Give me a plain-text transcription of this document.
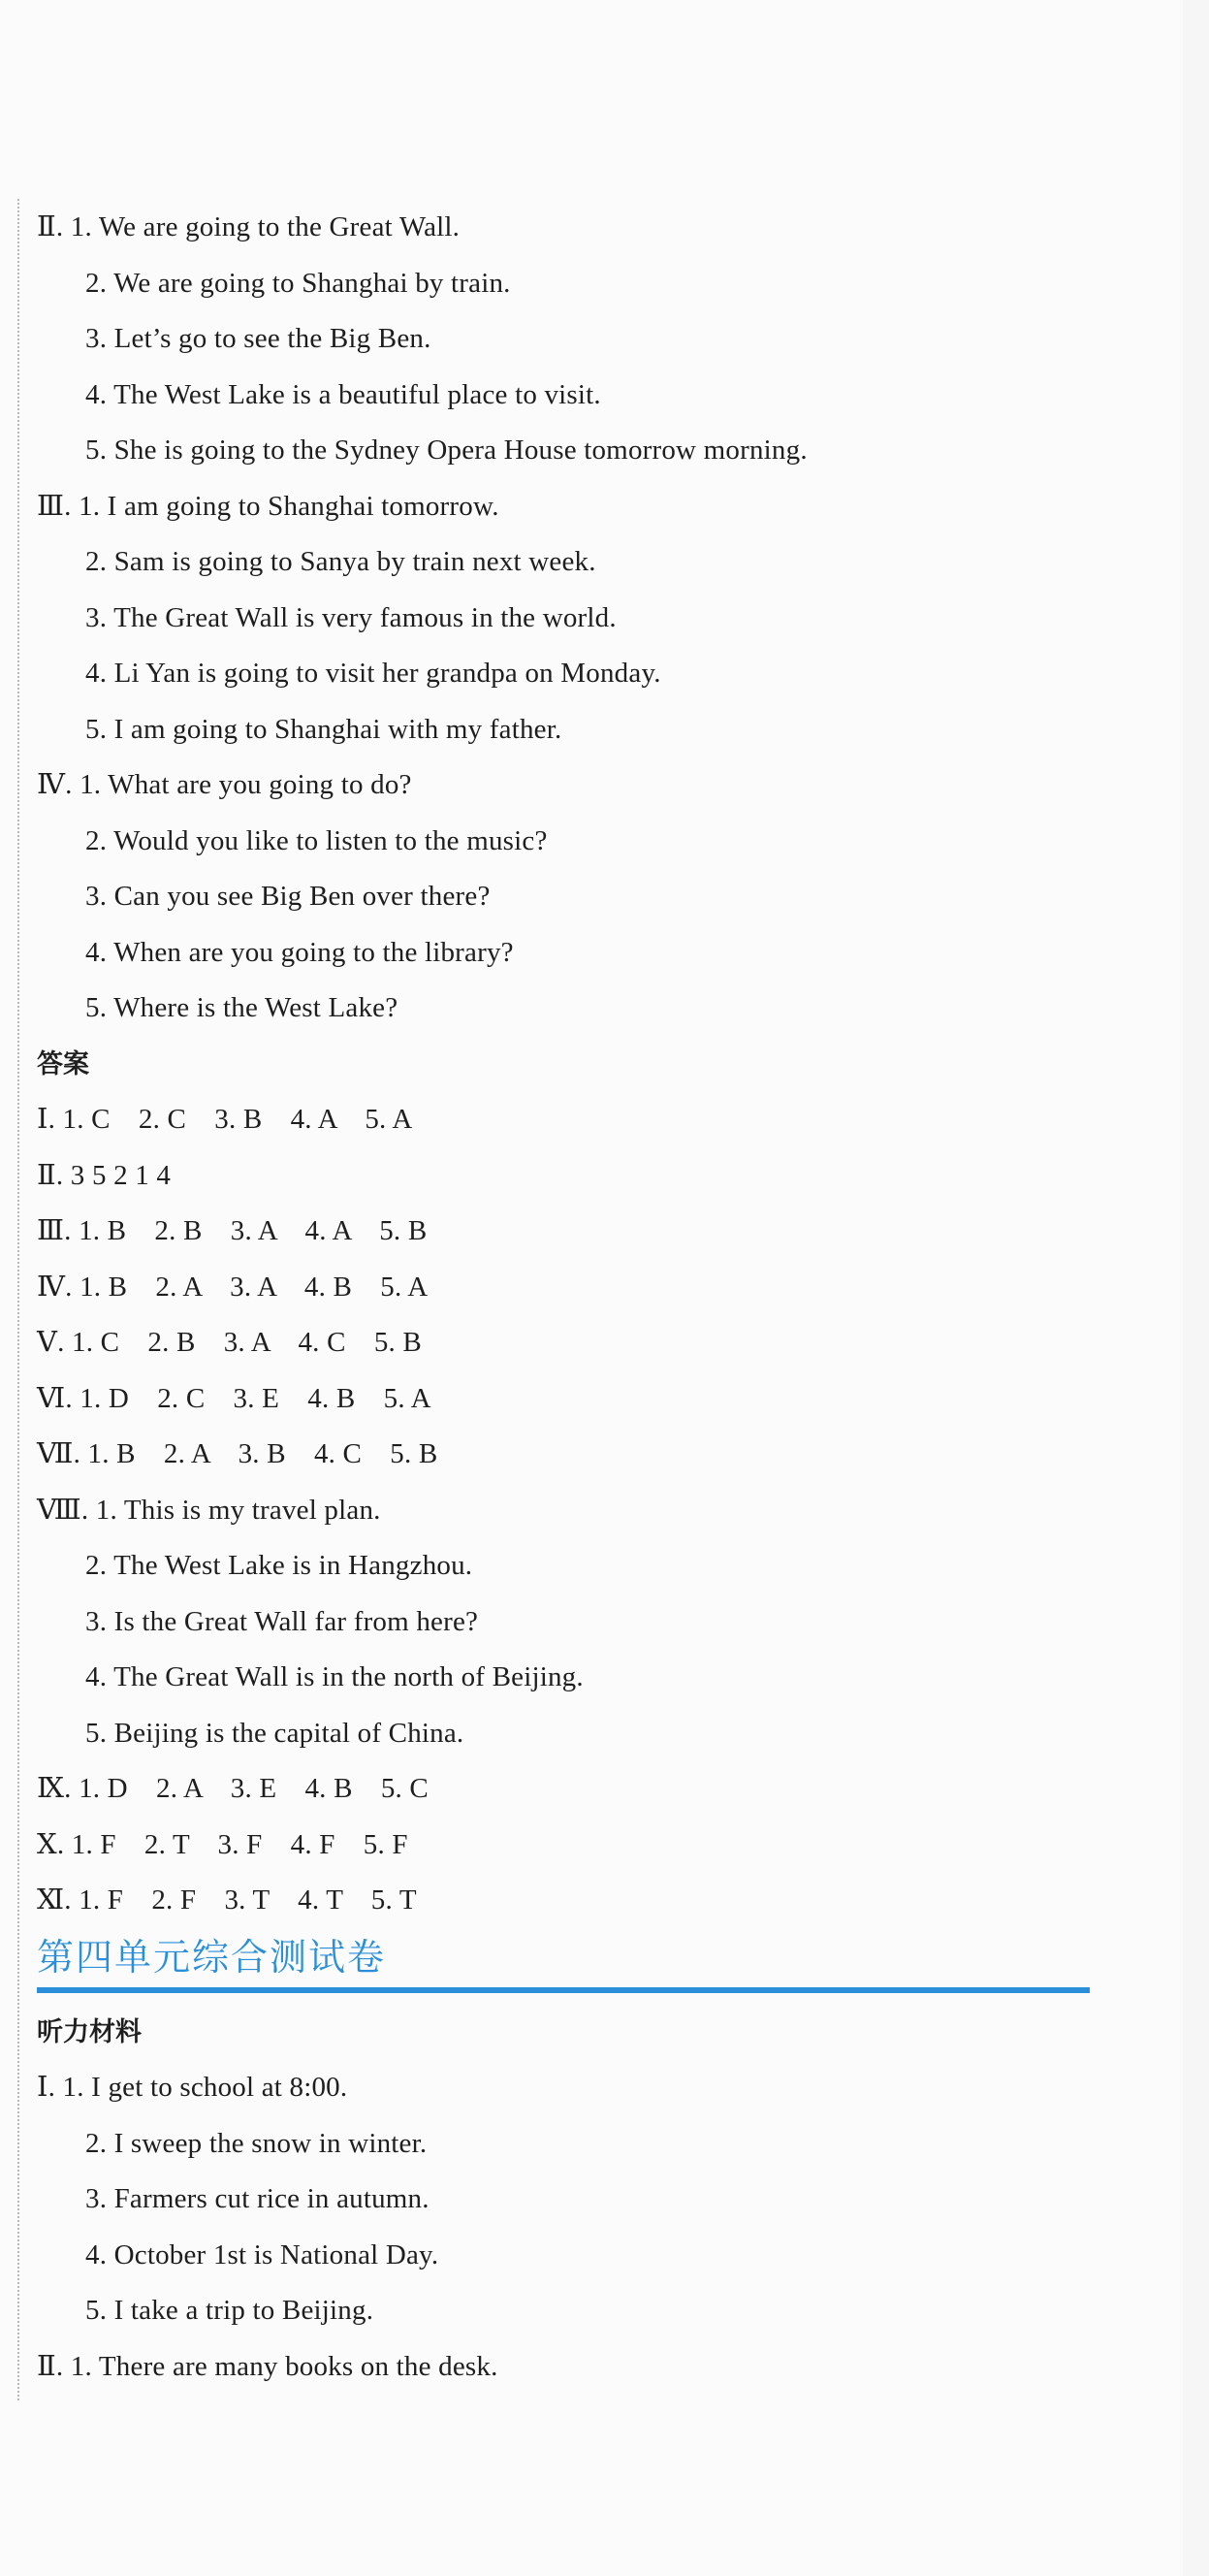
Ⅱ. 1. We are going to the Great Wall.
2. We are going to Shanghai by train.
3. Let’s go to see the Big Ben.
4. The West Lake is a beautiful place to visit.
5. She is going to the Sydney Opera House tomorrow morning.
Ⅲ. 1. I am going to Shanghai tomorrow.
2. Sam is going to Sanya by train next week.
3. The Great Wall is very famous in the world.
4. Li Yan is going to visit her grandpa on Monday.
5. I am going to Shanghai with my father.
Ⅳ. 1. What are you going to do?
2. Would you like to listen to the music?
3. Can you see Big Ben over there?
4. When are you going to the library?
5. Where is the West Lake?
答案
Ⅰ. 1. C　2. C　3. B　4. A　5. A
Ⅱ. 3 5 2 1 4
Ⅲ. 1. B　2. B　3. A　4. A　5. B
Ⅳ. 1. B　2. A　3. A　4. B　5. A
Ⅴ. 1. C　2. B　3. A　4. C　5. B
Ⅵ. 1. D　2. C　3. E　4. B　5. A
Ⅶ. 1. B　2. A　3. B　4. C　5. B
Ⅷ. 1. This is my travel plan.
2. The West Lake is in Hangzhou.
3. Is the Great Wall far from here?
4. The Great Wall is in the north of Beijing.
5. Beijing is the capital of China.
Ⅸ. 1. D　2. A　3. E　4. B　5. C
Ⅹ. 1. F　2. T　3. F　4. F　5. F
Ⅺ. 1. F　2. F　3. T　4. T　5. T
第四单元综合测试卷
听力材料
Ⅰ. 1. I get to school at 8:00.
2. I sweep the snow in winter.
3. Farmers cut rice in autumn.
4. October 1st is National Day.
5. I take a trip to Beijing.
Ⅱ. 1. There are many books on the desk.
